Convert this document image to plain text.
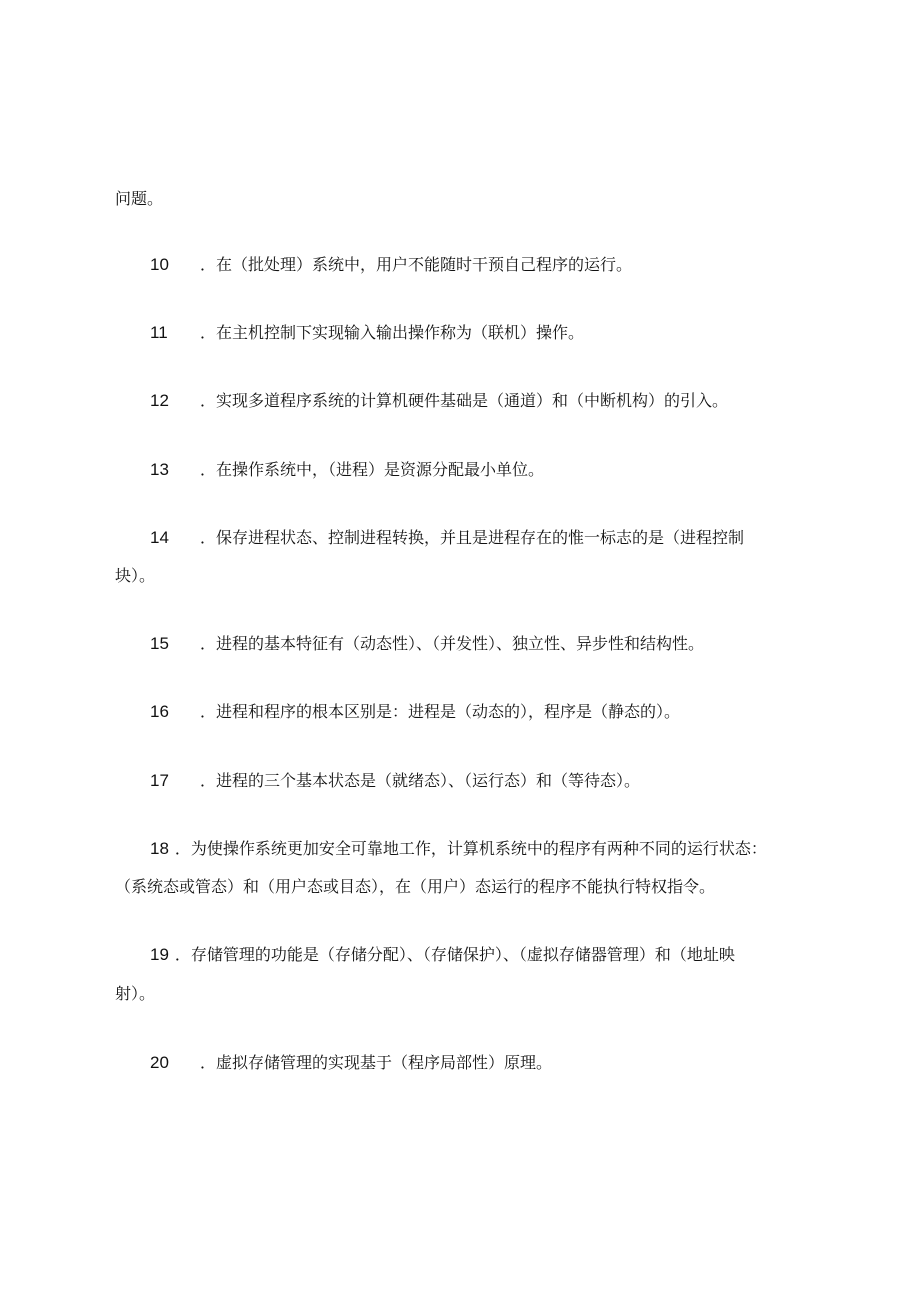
问题。
10 ．在（批处理）系统中，用户不能随时干预自己程序的运行。
11 ．在主机控制下实现输入输出操作称为（联机）操作。
12 ．实现多道程序系统的计算机硬件基础是（通道）和（中断机构）的引入。
13 ．在操作系统中，（进程）是资源分配最小单位。
14 ．保存进程状态、控制进程转换，并且是进程存在的惟一标志的是（进程控制
块）。
15 ．进程的基本特征有（动态性）、（并发性）、独立性、异步性和结构性。
16 ．进程和程序的根本区别是：进程是（动态的），程序是（静态的）。
17 ．进程的三个基本状态是（就绪态）、（运行态）和（等待态）。
18 ．为使操作系统更加安全可靠地工作，计算机系统中的程序有两种不同的运行状态：
（系统态或管态）和（用户态或目态），在（用户）态运行的程序不能执行特权指令。
19 ．存储管理的功能是（存储分配）、（存储保护）、（虚拟存储器管理）和（地址映
射）。
20 ．虚拟存储管理的实现基于（程序局部性）原理。
